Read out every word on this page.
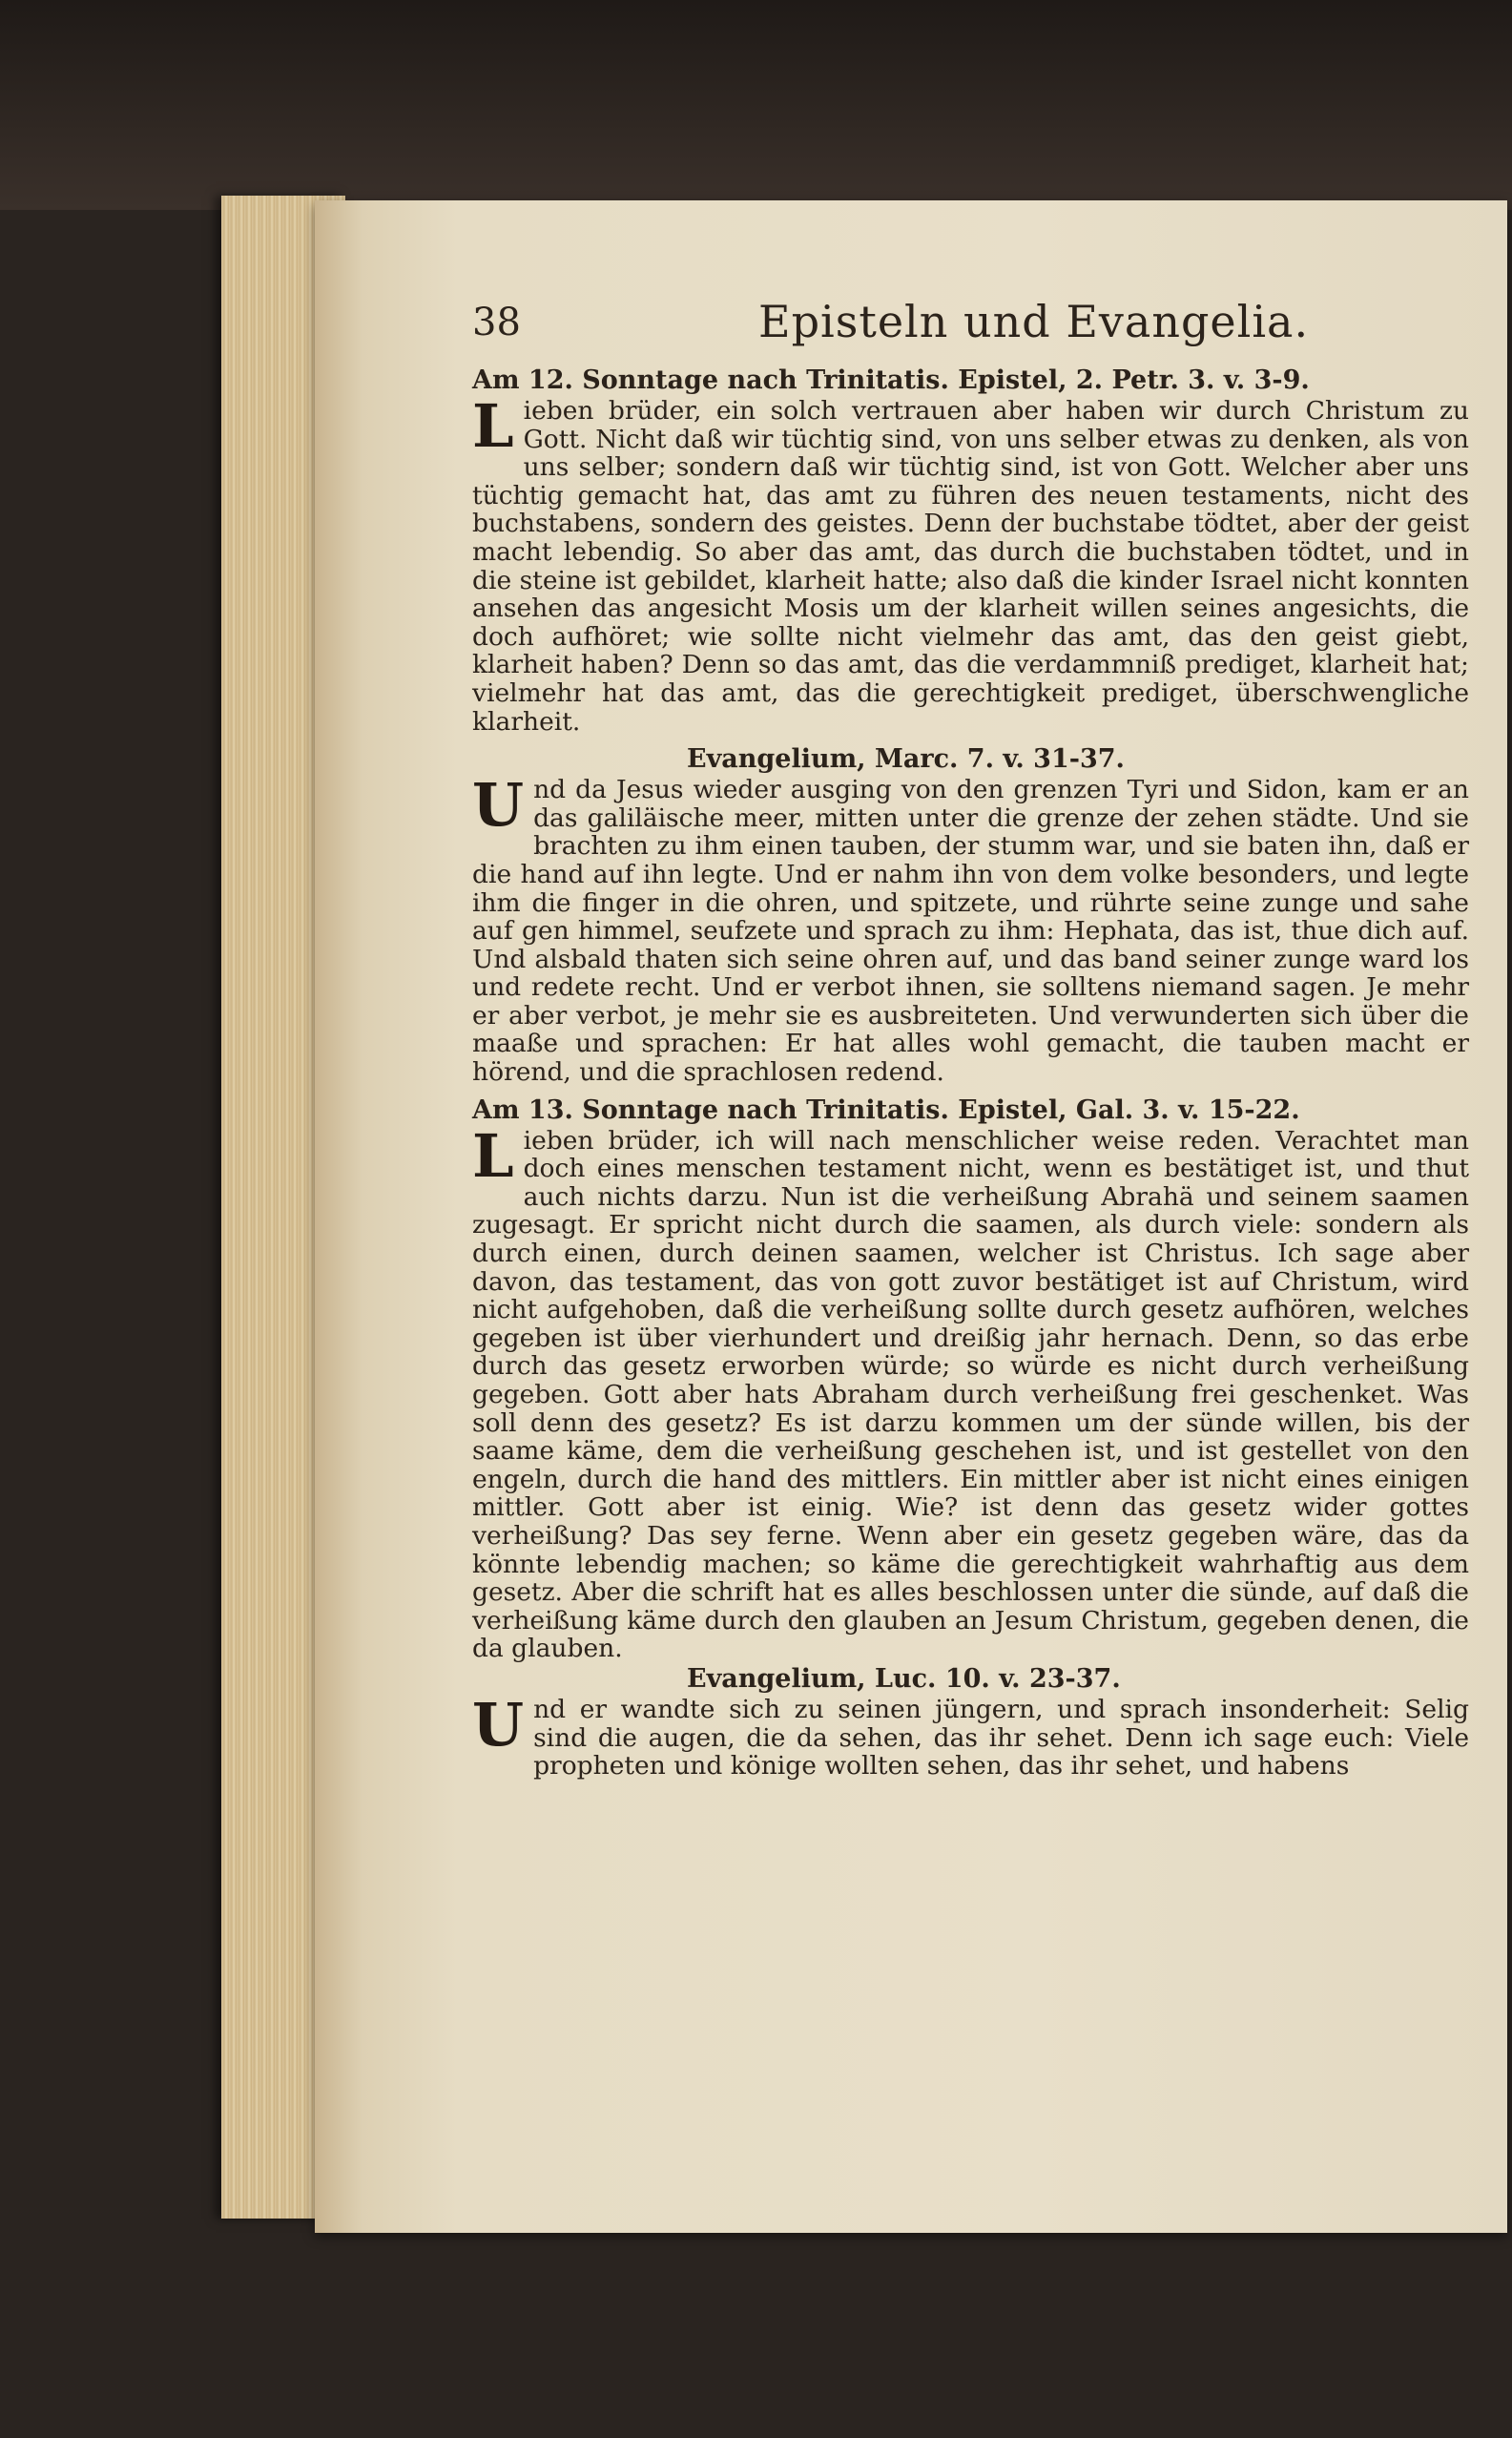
38	Episteln und Evangelia.

Am 12. Sonntage nach Trinitatis. Epistel, 2. Petr. 3. v. 3-9.

Lieben brüder, ein solch vertrauen aber haben wir durch Christum zu Gott. Nicht daß wir tüchtig sind, von uns selber etwas zu denken, als von uns selber; sondern daß wir tüchtig sind, ist von Gott. Welcher aber uns tüchtig gemacht hat, das amt zu führen des neuen testaments, nicht des buchstabens, sondern des geistes. Denn der buchstabe tödtet, aber der geist macht lebendig. So aber das amt, das durch die buchstaben tödtet, und in die steine ist gebildet, klarheit hatte; also daß die kinder Israel nicht konnten ansehen das angesicht Mosis um der klarheit willen seines angesichts, die doch aufhöret; wie sollte nicht vielmehr das amt, das den geist giebt, klarheit haben? Denn so das amt, das die verdammniß prediget, klarheit hat; vielmehr hat das amt, das die gerechtigkeit prediget, überschwengliche klarheit.

Evangelium, Marc. 7. v. 31-37.

Und da Jesus wieder ausging von den grenzen Tyri und Sidon, kam er an das galiläische meer, mitten unter die grenze der zehen städte. Und sie brachten zu ihm einen tauben, der stumm war, und sie baten ihn, daß er die hand auf ihn legte. Und er nahm ihn von dem volke besonders, und legte ihm die finger in die ohren, und spitzete, und rührte seine zunge und sahe auf gen himmel, seufzete und sprach zu ihm: Hephata, das ist, thue dich auf. Und alsbald thaten sich seine ohren auf, und das band seiner zunge ward los und redete recht. Und er verbot ihnen, sie solltens niemand sagen. Je mehr er aber verbot, je mehr sie es ausbreiteten. Und verwunderten sich über die maaße und sprachen: Er hat alles wohl gemacht, die tauben macht er hörend, und die sprachlosen redend.

Am 13. Sonntage nach Trinitatis. Epistel, Gal. 3. v. 15-22.

Lieben brüder, ich will nach menschlicher weise reden. Verachtet man doch eines menschen testament nicht, wenn es bestätiget ist, und thut auch nichts darzu. Nun ist die verheißung Abrahä und seinem saamen zugesagt. Er spricht nicht durch die saamen, als durch viele: sondern als durch einen, durch deinen saamen, welcher ist Christus. Ich sage aber davon, das testament, das von gott zuvor bestätiget ist auf Christum, wird nicht aufgehoben, daß die verheißung sollte durch gesetz aufhören, welches gegeben ist über vierhundert und dreißig jahr hernach. Denn, so das erbe durch das gesetz erworben würde; so würde es nicht durch verheißung gegeben. Gott aber hats Abraham durch verheißung frei geschenket. Was soll denn des gesetz? Es ist darzu kommen um der sünde willen, bis der saame käme, dem die verheißung geschehen ist, und ist gestellet von den engeln, durch die hand des mittlers. Ein mittler aber ist nicht eines einigen mittler. Gott aber ist einig. Wie? ist denn das gesetz wider gottes verheißung? Das sey ferne. Wenn aber ein gesetz gegeben wäre, das da könnte lebendig machen; so käme die gerechtigkeit wahrhaftig aus dem gesetz. Aber die schrift hat es alles beschlossen unter die sünde, auf daß die verheißung käme durch den glauben an Jesum Christum, gegeben denen, die da glauben.

Evangelium, Luc. 10. v. 23-37.

Und er wandte sich zu seinen jüngern, und sprach insonderheit: Selig sind die augen, die da sehen, das ihr sehet. Denn ich sage euch: Viele propheten und könige wollten sehen, das ihr sehet, und habens
